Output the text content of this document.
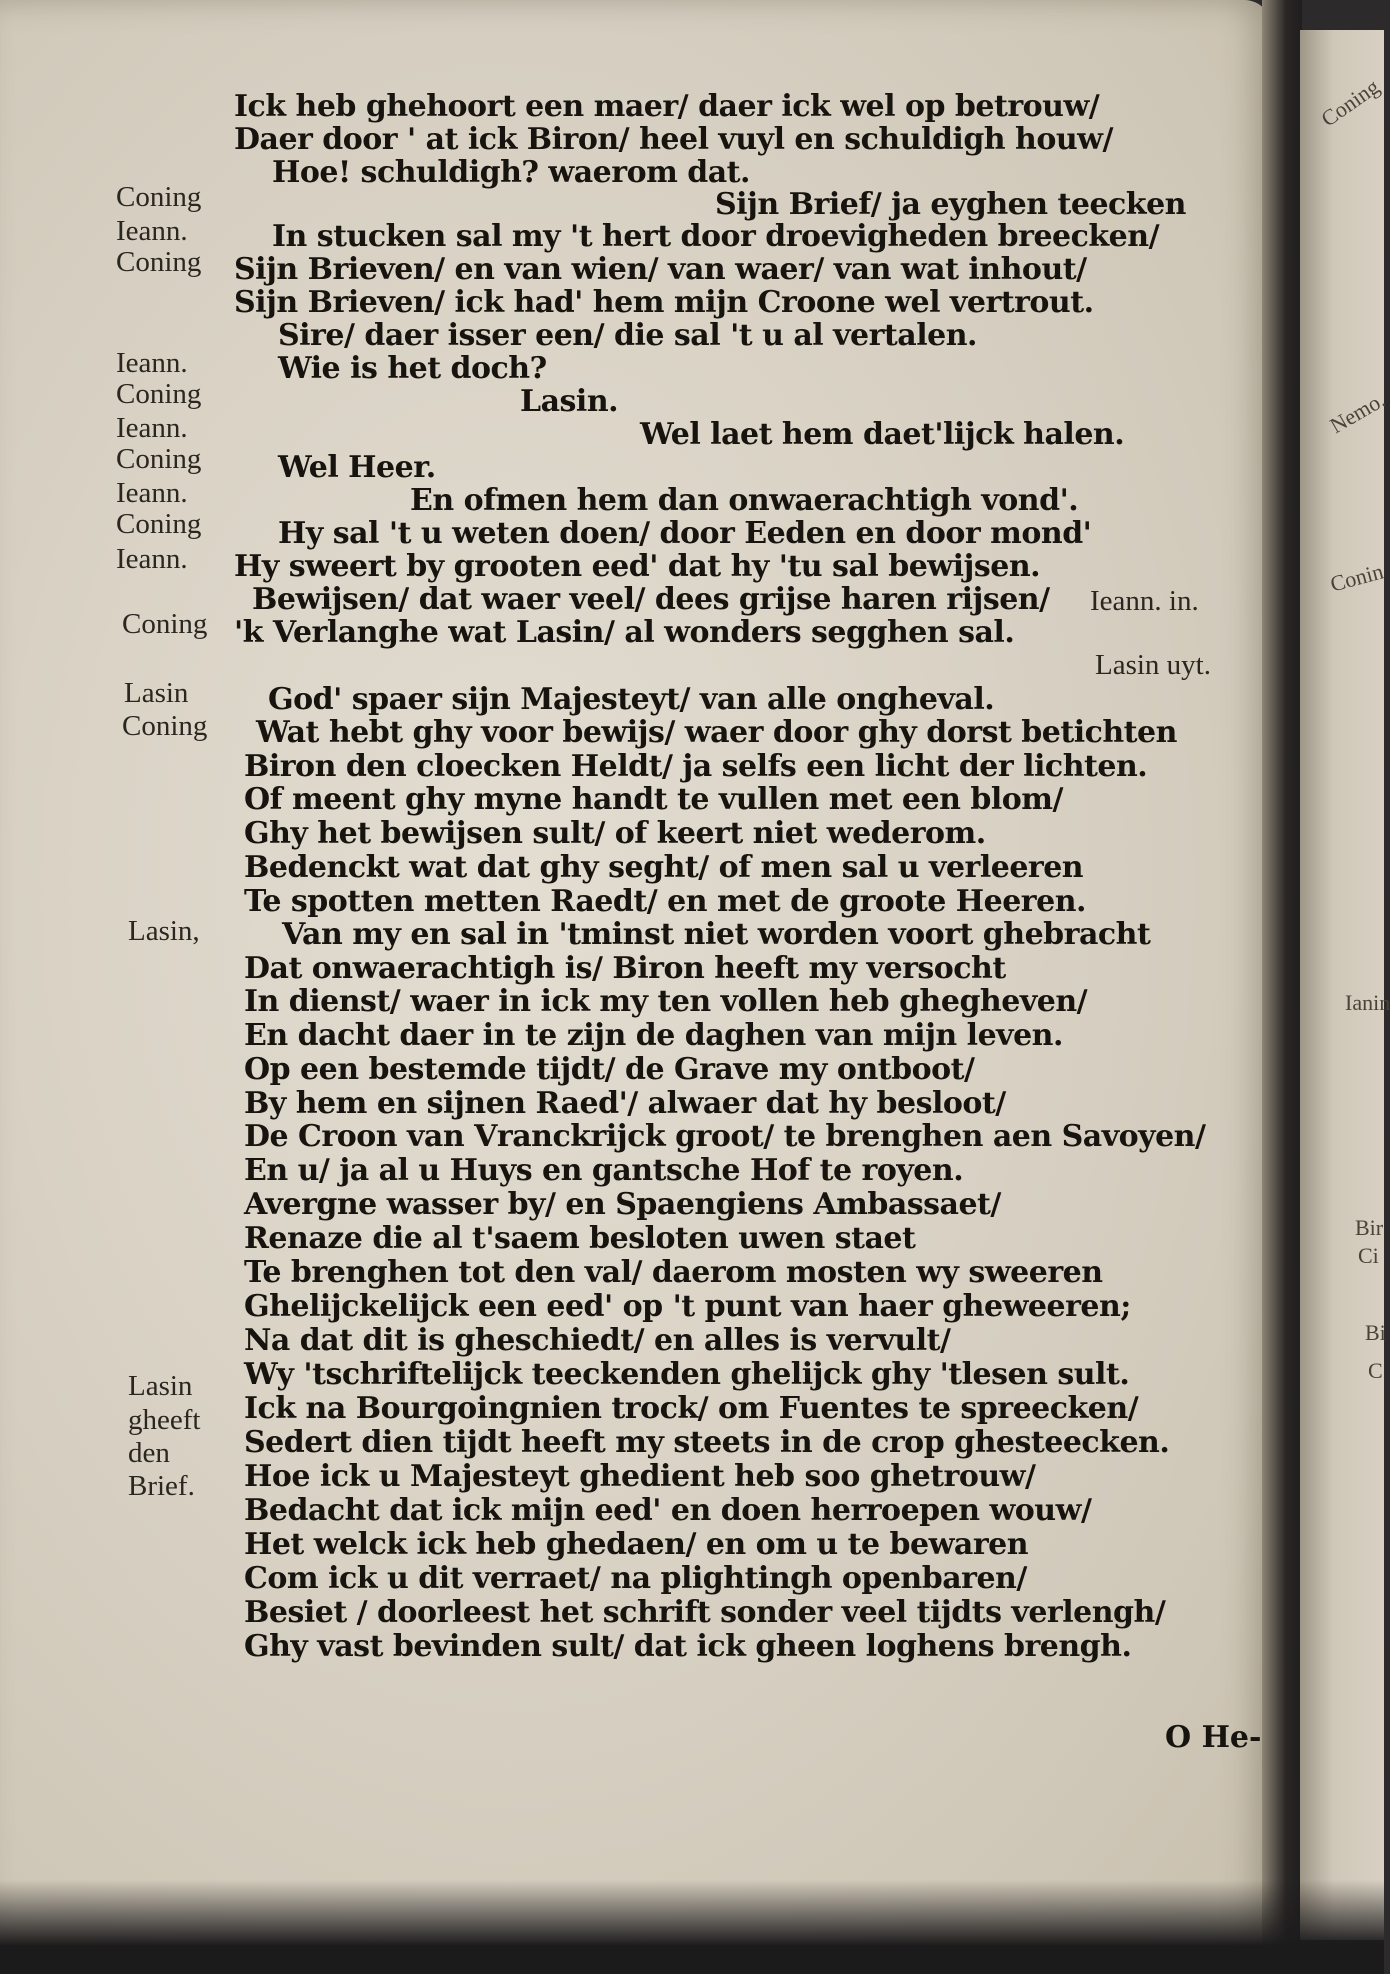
Ick heb ghehoort een maer/ daer ick wel op betrouw/
Daer door ' at ick Biron/ heel vuyl en schuldigh houw/
Hoe! schuldigh? waerom dat.
Sijn Brief/ ja eyghen teecken
In stucken sal my 't hert door droevigheden breecken/
Sijn Brieven/ en van wien/ van waer/ van wat inhout/
Sijn Brieven/ ick had' hem mijn Croone wel vertrout.
Sire/ daer isser een/ die sal 't u al vertalen.
Wie is het doch?
Lasin.
Wel laet hem daet'lijck halen.
Wel Heer.
En ofmen hem dan onwaerachtigh vond'.
Hy sal 't u weten doen/ door Eeden en door mond'
Hy sweert by grooten eed' dat hy 'tu sal bewijsen.
Bewijsen/ dat waer veel/ dees grijse haren rijsen/
'k Verlanghe wat Lasin/ al wonders segghen sal.
God' spaer sijn Majesteyt/ van alle ongheval.
Wat hebt ghy voor bewijs/ waer door ghy dorst betichten
Biron den cloecken Heldt/ ja selfs een licht der lichten.
Of meent ghy myne handt te vullen met een blom/
Ghy het bewijsen sult/ of keert niet wederom.
Bedenckt wat dat ghy seght/ of men sal u verleeren
Te spotten metten Raedt/ en met de groote Heeren.
Van my en sal in 'tminst niet worden voort ghebracht
Dat onwaerachtigh is/ Biron heeft my versocht
In dienst/ waer in ick my ten vollen heb ghegheven/
En dacht daer in te zijn de daghen van mijn leven.
Op een bestemde tijdt/ de Grave my ontboot/
By hem en sijnen Raed'/ alwaer dat hy besloot/
De Croon van Vranckrijck groot/ te brenghen aen Savoyen/
En u/ ja al u Huys en gantsche Hof te royen.
Avergne wasser by/ en Spaengiens Ambassaet/
Renaze die al t'saem besloten uwen staet
Te brenghen tot den val/ daerom mosten wy sweeren
Ghelijckelijck een eed' op 't punt van haer gheweeren;
Na dat dit is gheschiedt/ en alles is vervult/
Wy 'tschriftelijck teeckenden ghelijck ghy 'tlesen sult.
Ick na Bourgoingnien trock/ om Fuentes te spreecken/
Sedert dien tijdt heeft my steets in de crop ghesteecken.
Hoe ick u Majesteyt ghedient heb soo ghetrouw/
Bedacht dat ick mijn eed' en doen herroepen wouw/
Het welck ick heb ghedaen/ en om u te bewaren
Com ick u dit verraet/ na plightingh openbaren/
Besiet / doorleest het schrift sonder veel tijdts verlengh/
Ghy vast bevinden sult/ dat ick gheen loghens brengh.
Coning
Ieann.
Coning
Ieann.
Coning
Ieann.
Coning
Ieann.
Coning
Ieann.
Coning
Lasin
Coning
Lasin,
Lasin
gheeft
den
Brief.
Ieann. in.
Lasin uyt.
O He-
Coning
Nemo.
Conin
Ianin
Bir
Ci
Bi
C
